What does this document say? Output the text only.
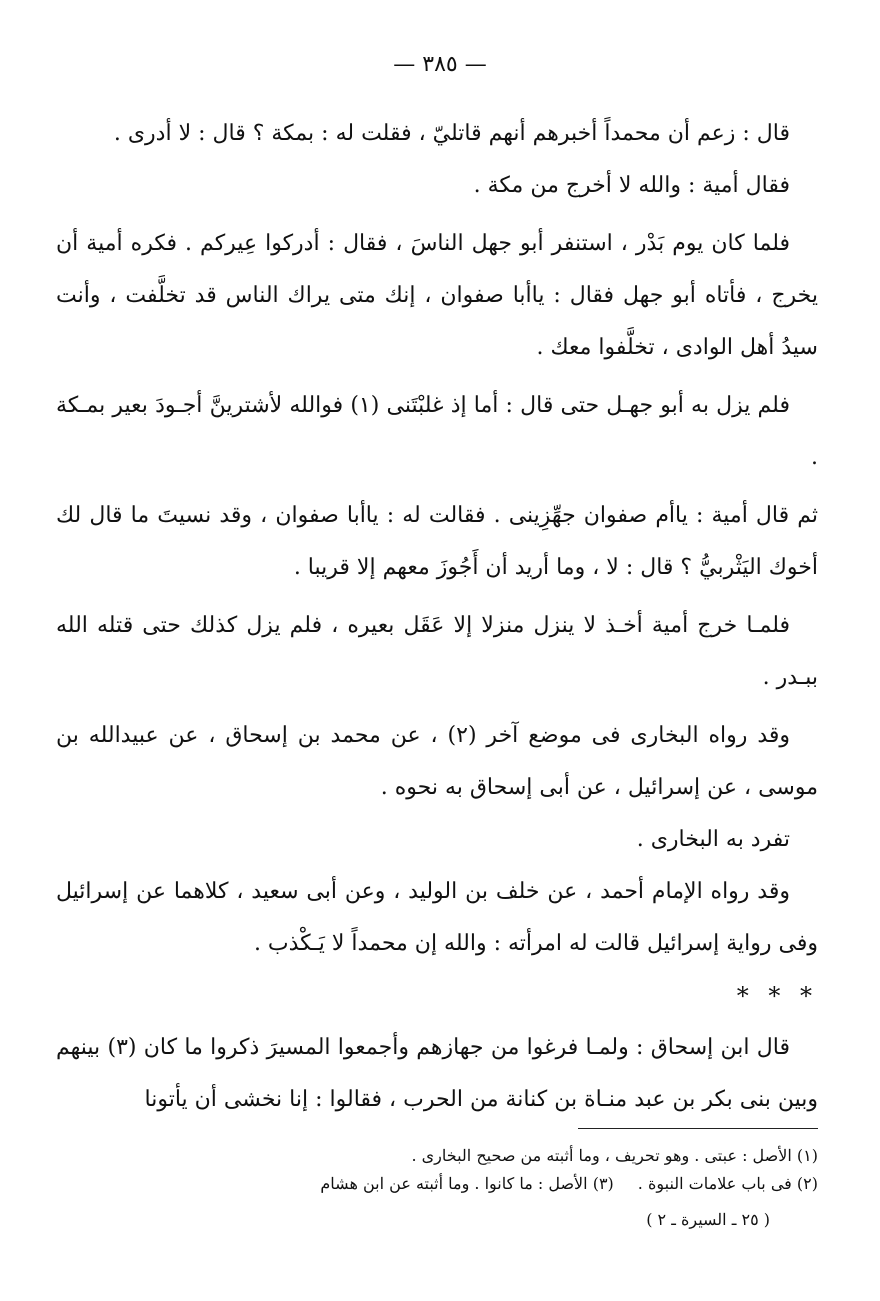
— ٣٨٥ —

قال : زعم أن محمداً أخبرهم أنهم قاتليّ ، فقلت له : بمكة ؟ قال : لا أدرى .

فقال أمية : والله لا أخرج من مكة .

فلما كان يوم بَدْر ، استنفر أبو جهل الناسَ ، فقال : أدركوا عِيركم . فكره أمية أن يخرج ، فأتاه أبو جهل فقال : ياأبا صفوان ، إنك متى يراك الناس قد تخلَّفت ، وأنت سيدُ أهل الوادى ، تخلَّفوا معك .

فلم يزل به أبو جهـل حتى قال : أما إذ غلبْتَنى (١) فوالله لأشترينَّ أجـودَ بعير بمـكة .

ثم قال أمية : ياأم صفوان جهِّزِينى . فقالت له : ياأبا صفوان ، وقد نسيتَ ما قال لك أخوك اليَثْربيُّ ؟ قال : لا ، وما أريد أن أَجُوزَ معهم إلا قريبا .

فلمـا خرج أمية أخـذ لا ينزل منزلا إلا عَقَل بعيره ، فلم يزل كذلك حتى قتله الله ببـدر .

وقد رواه البخارى فى موضع آخر (٢) ، عن محمد بن إسحاق ، عن عبيدالله بن موسى ، عن إسرائيل ، عن أبى إسحاق به نحوه .

تفرد به البخارى .

وقد رواه الإمام أحمد ، عن خلف بن الوليد ، وعن أبى سعيد ، كلاهما عن إسرائيل وفى رواية إسرائيل قالت له امرأته : والله إن محمداً لا يَـكْذب .

* * *

قال ابن إسحاق : ولمـا فرغوا من جهازهم وأجمعوا المسيرَ ذكروا ما كان (٣) بينهم وبين بنى بكر بن عبد منـاة بن كنانة من الحرب ، فقالوا : إنا نخشى أن يأتونا

(١) الأصل : عبتى . وهو تحريف ، وما أثبته من صحيح البخارى .

(٢) فى باب علامات النبوة .(٣) الأصل : ما كانوا . وما أثبته عن ابن هشام

( ٢٥ ـ السيرة ـ ٢ )
